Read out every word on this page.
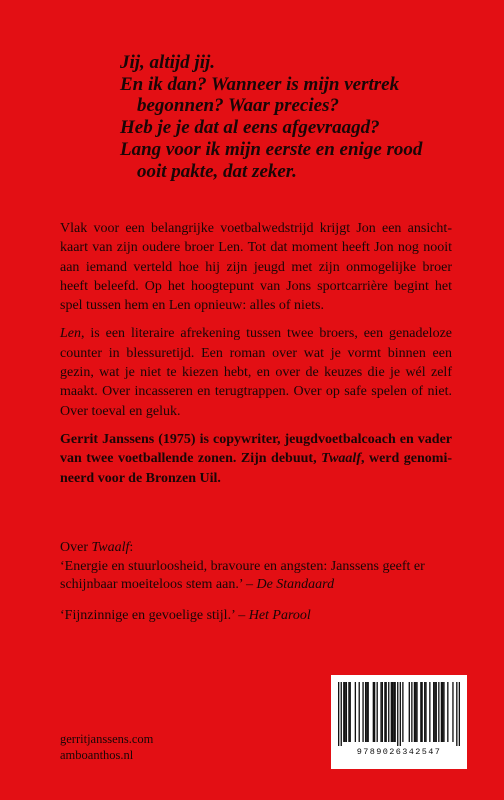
Jij, altijd jij.
En ik dan? Wanneer is mijn vertrek
begonnen? Waar precies?
Heb je je dat al eens afgevraagd?
Lang voor ik mijn eerste en enige rood
ooit pakte, dat zeker.

Vlak voor een belangrijke voetbalwedstrijd krijgt Jon een ansicht-
kaart van zijn oudere broer Len. Tot dat moment heeft Jon nog nooit
aan iemand verteld hoe hij zijn jeugd met zijn onmogelijke broer
heeft beleefd. Op het hoogtepunt van Jons sportcarrière begint het
spel tussen hem en Len opnieuw: alles of niets.

Len, is een literaire afrekening tussen twee broers, een genadeloze
counter in blessuretijd. Een roman over wat je vormt binnen een
gezin, wat je niet te kiezen hebt, en over de keuzes die je wél zelf
maakt. Over incasseren en terugtrappen. Over op safe spelen of niet.
Over toeval en geluk.

Gerrit Janssens (1975) is copywriter, jeugdvoetbalcoach en vader
van twee voetballende zonen. Zijn debuut, Twaalf, werd genomi-
neerd voor de Bronzen Uil.

Over Twaalf:
‘Energie en stuurloosheid, bravoure en angsten: Janssens geeft er
schijnbaar moeiteloos stem aan.’ – De Standaard

‘Fijnzinnige en gevoelige stijl.’ – Het Parool

gerritjanssens.com
amboanthos.nl	9789026342547
